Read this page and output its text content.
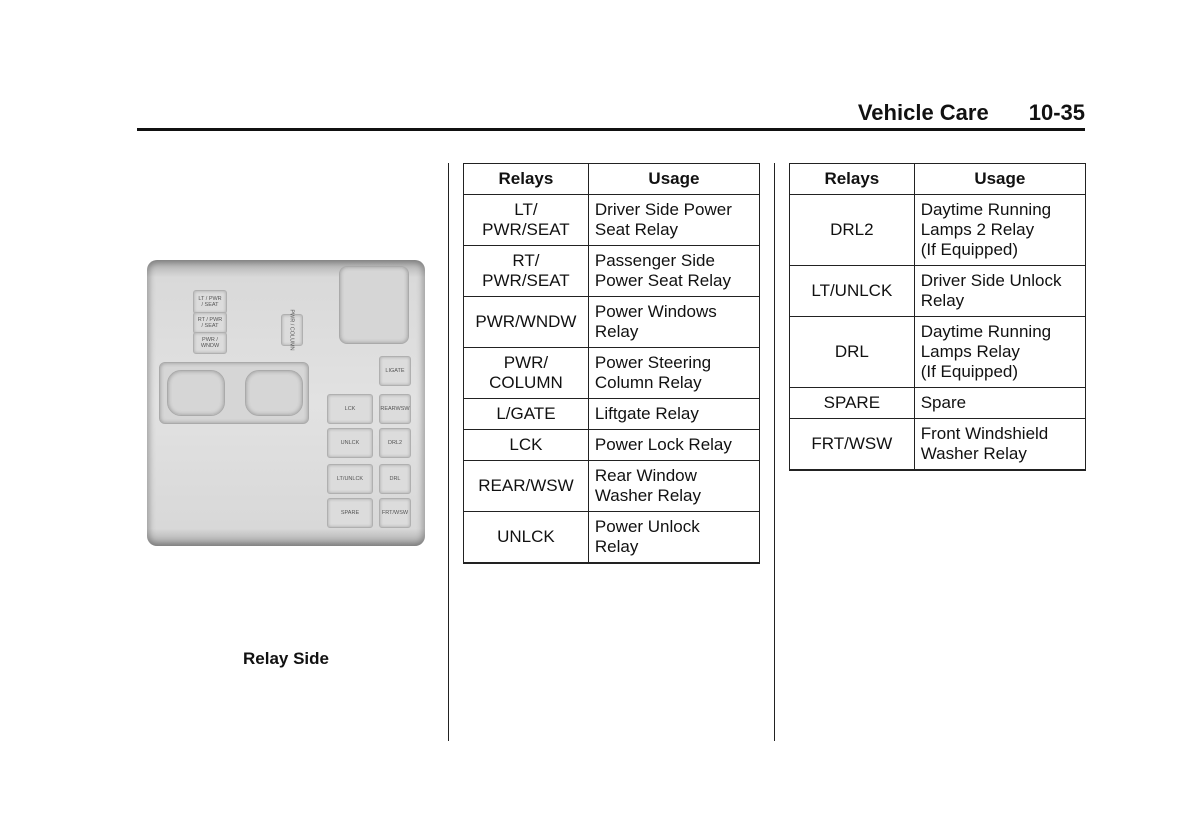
Vehicle Care 10-35
LT / PWR
/ SEAT
RT / PWR
/ SEAT
PWR /
WNDW	PWR / COLUMN
LIGATE
LCK	REARWSW
UNLCK	DRL2
LT/UNLCK	DRL
SPARE	FRT/WSW
Relay Side
Relays	Usage
LT/
PWR/SEAT	Driver Side Power
Seat Relay
RT/
PWR/SEAT	Passenger Side
Power Seat Relay
PWR/WNDW	Power Windows
Relay
PWR/
COLUMN	Power Steering
Column Relay
L/GATE	Liftgate Relay
LCK	Power Lock Relay
REAR/WSW	Rear Window
Washer Relay
UNLCK	Power Unlock
Relay
Relays	Usage
DRL2	Daytime Running
Lamps 2 Relay
(If Equipped)
LT/UNLCK	Driver Side Unlock
Relay
DRL	Daytime Running
Lamps Relay
(If Equipped)
SPARE	Spare
FRT/WSW	Front Windshield
Washer Relay
